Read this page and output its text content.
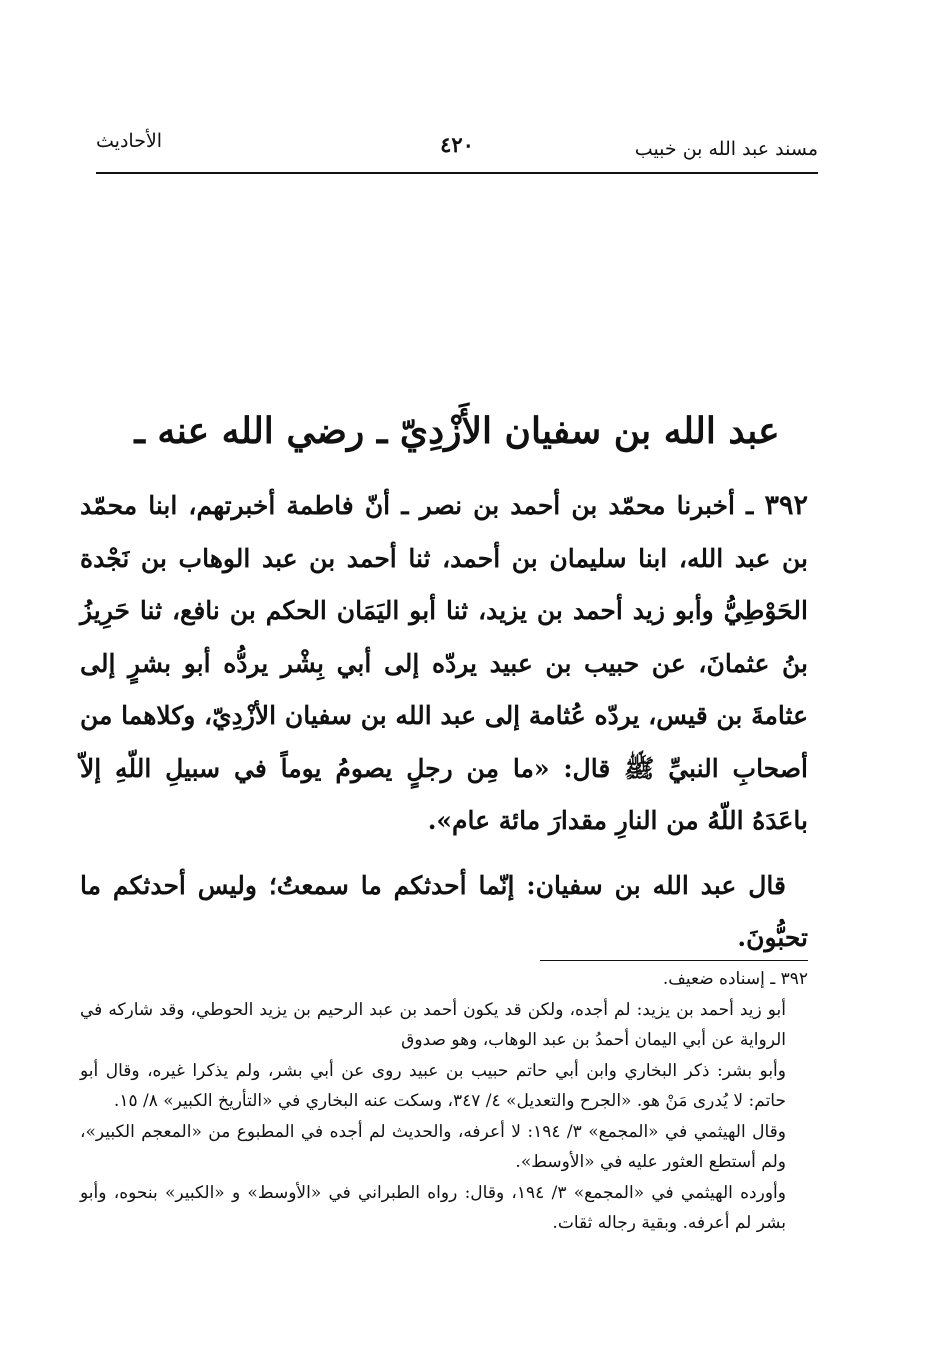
مسند عبد الله بن خبيب
٤٢٠
الأحاديث
عبد الله بن سفيان الأَزْدِيّ ـ رضي الله عنه ـ

٣٩٢ ـ أخبرنا محمّد بن أحمد بن نصر ـ أنّ فاطمة أخبرتهم، ابنا محمّد بن عبد الله، ابنا سليمان بن أحمد، ثنا أحمد بن عبد الوهاب بن نَجْدة الحَوْطِيُّ وأبو زيد أحمد بن يزيد، ثنا أبو اليَمَان الحكم بن نافع، ثنا حَرِيزُ بنُ عثمانَ، عن حبيب بن عبيد يردّه إلى أبي بِشْر يردُّه أبو بشرٍ إلى عثامةَ بن قيس، يردّه عُثامة إلى عبد الله بن سفيان الأزْدِيّ، وكلاهما من أصحابِ النبيِّ ﷺ قال: «ما مِن رجلٍ يصومُ يوماً في سبيلِ اللّهِ إلاّ باعَدَهُ اللّهُ من النارِ مقدارَ مائة عام».

قال عبد الله بن سفيان: إنّما أحدثكم ما سمعتُ؛ وليس أحدثكم ما تحبُّونَ.

٣٩٢ ـ إسناده ضعيف.

أبو زيد أحمد بن يزيد: لم أجده، ولكن قد يكون أحمد بن عبد الرحيم بن يزيد الحوطي، وقد شاركه في الرواية عن أبي اليمان أحمدُ بن عبد الوهاب، وهو صدوق

وأبو بشر: ذكر البخاري وابن أبي حاتم حبيب بن عبيد روى عن أبي بشر، ولم يذكرا غيره، وقال أبو حاتم: لا يُدرى مَنْ هو. «الجرح والتعديل» ٤/ ٣٤٧، وسكت عنه البخاري في «التأريخ الكبير» ٨/ ١٥.

وقال الهيثمي في «المجمع» ٣/ ١٩٤: لا أعرفه، والحديث لم أجده في المطبوع من «المعجم الكبير»، ولم أستطع العثور عليه في «الأوسط».

وأورده الهيثمي في «المجمع» ٣/ ١٩٤، وقال: رواه الطبراني في «الأوسط» و «الكبير» بنحوه، وأبو بشر لم أعرفه. وبقية رجاله ثقات.
